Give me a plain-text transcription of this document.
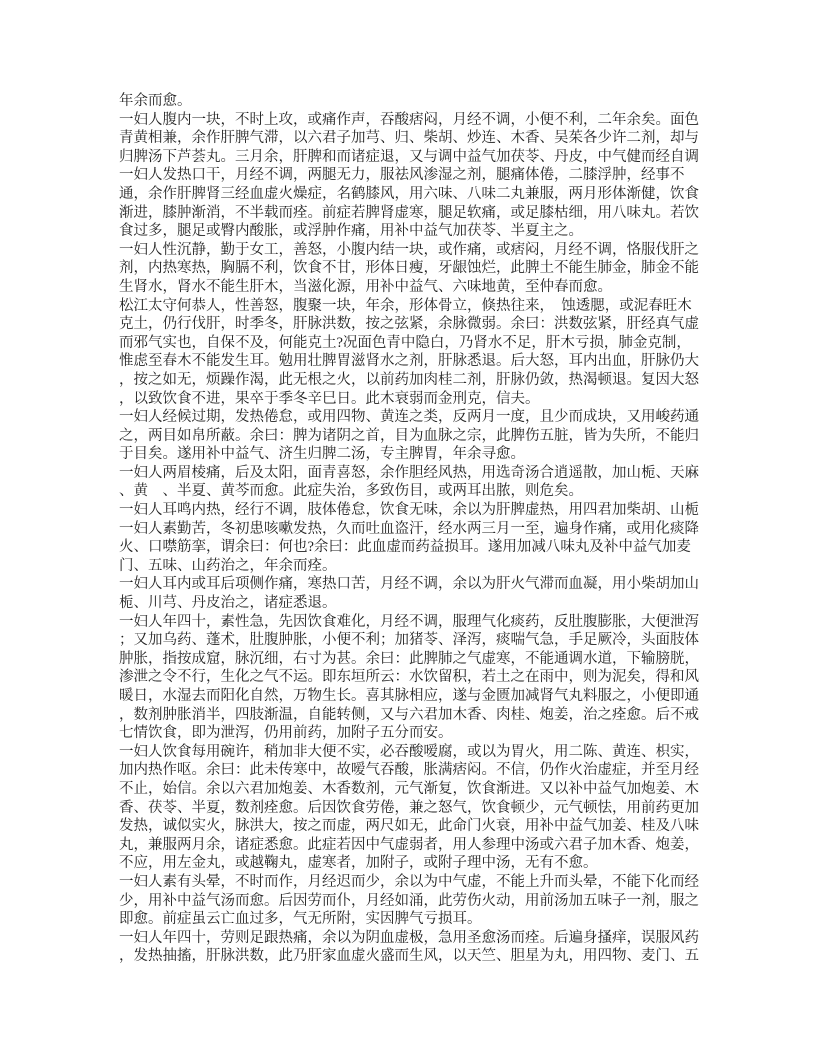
年余而愈。
一妇人腹内一块，不时上攻，或痛作声，吞酸痞闷，月经不调，小便不利，二年余矣。面色
青黄相兼，余作肝脾气滞，以六君子加芎、归、柴胡、炒连、木香、吴茱各少许二剂，却与
归脾汤下芦荟丸。三月余，肝脾和而诸症退，又与调中益气加茯苓、丹皮，中气健而经自调
一妇人发热口干，月经不调，两腿无力，服祛风渗湿之剂，腿痛体倦，二膝浮肿，经事不
通，余作肝脾肾三经血虚火燥症，名鹤膝风，用六味、八味二丸兼服，两月形体渐健，饮食
渐进，膝肿渐消，不半载而痊。前症若脾肾虚寒，腿足软痛，或足膝枯细，用八味丸。若饮
食过多，腿足或臀内酸胀，或浮肿作痛，用补中益气加茯苓、半夏主之。
一妇人性沉静，勤于女工，善怒，小腹内结一块，或作痛，或痞闷，月经不调，恪服伐肝之
剂，内热寒热，胸膈不利，饮食不甘，形体日瘦，牙龈蚀烂，此脾土不能生肺金，肺金不能
生肾水，肾水不能生肝木，当滋化源，用补中益气、六味地黄，至仲春而愈。
松江太守何恭人，性善怒，腹聚一块，年余，形体骨立，倏热往来，　蚀透腮，或泥春旺木
克土，仍行伐肝，时季冬，肝脉洪数，按之弦紧，余脉微弱。余曰：洪数弦紧，肝经真气虚
而邪气实也，自保不及，何能克土?况面色青中隐白，乃肾水不足，肝木亏损，肺金克制，
惟虑至春木不能发生耳。勉用壮脾胃滋肾水之剂，肝脉悉退。后大怒，耳内出血，肝脉仍大
，按之如无，烦躁作渴，此无根之火，以前药加肉桂二剂，肝脉仍敛，热渴顿退。复因大怒
，以致饮食不进，果卒于季冬辛巳日。此木衰弱而金刑克，信夫。
一妇人经候过期，发热倦怠，或用四物、黄连之类，反两月一度，且少而成块，又用峻药通
之，两目如帛所蔽。余曰：脾为诸阴之首，目为血脉之宗，此脾伤五脏，皆为失所，不能归
于目矣。遂用补中益气、济生归脾二汤，专主脾胃，年余寻愈。
一妇人两眉棱痛，后及太阳，面青喜怒，余作胆经风热，用选奇汤合逍遥散，加山栀、天麻
、黄　、半夏、黄芩而愈。此症失治，多致伤目，或两耳出脓，则危矣。
一妇人耳鸣内热，经行不调，肢体倦怠，饮食无味，余以为肝脾虚热，用四君加柴胡、山栀
一妇人素勤苦，冬初患咳嗽发热，久而吐血盗汗，经水两三月一至，遍身作痛，或用化痰降
火、口噤筋挛，谓余曰：何也?余曰：此血虚而药益损耳。遂用加减八味丸及补中益气加麦
门、五味、山药治之，年余而痊。
一妇人耳内或耳后项侧作痛，寒热口苦，月经不调，余以为肝火气滞而血凝，用小柴胡加山
栀、川芎、丹皮治之，诸症悉退。
一妇人年四十，素性急，先因饮食难化，月经不调，服理气化痰药，反肚腹膨胀，大便泄泻
；又加乌药、蓬术，肚腹肿胀，小便不利；加猪苓、泽泻，痰喘气急，手足厥冷，头面肢体
肿胀，指按成窟，脉沉细，右寸为甚。余曰：此脾肺之气虚寒，不能通调水道，下输膀胱，
渗泄之令不行，生化之气不运。即东垣所云：水饮留积，若土之在雨中，则为泥矣，得和风
暖日，水湿去而阳化自然，万物生长。喜其脉相应，遂与金匮加减肾气丸料服之，小便即通
，数剂肿胀消半，四肢渐温，自能转侧，又与六君加木香、肉桂、炮姜，治之痊愈。后不戒
七情饮食，即为泄泻，仍用前药，加附子五分而安。
一妇人饮食每用碗许，稍加非大便不实，必吞酸嗳腐，或以为胃火，用二陈、黄连、枳实，
加内热作呕。余曰：此未传寒中，故嗳气吞酸，胀满痞闷。不信，仍作火治虚症，并至月经
不止，始信。余以六君加炮姜、木香数剂，元气渐复，饮食渐进。又以补中益气加炮姜、木
香、茯苓、半夏，数剂痊愈。后因饮食劳倦，兼之怒气，饮食顿少，元气顿怯，用前药更加
发热，诚似实火，脉洪大，按之而虚，两尺如无，此命门火衰，用补中益气加姜、桂及八味
丸，兼服两月余，诸症悉愈。此症若因中气虚弱者，用人参理中汤或六君子加木香、炮姜，
不应，用左金丸，或越鞠丸，虚寒者，加附子，或附子理中汤，无有不愈。
一妇人素有头晕，不时而作，月经迟而少，余以为中气虚，不能上升而头晕，不能下化而经
少，用补中益气汤而愈。后因劳而仆，月经如涌，此劳伤火动，用前汤加五味子一剂，服之
即愈。前症虽云亡血过多，气无所附，实因脾气亏损耳。
一妇人年四十，劳则足跟热痛，余以为阴血虚极，急用圣愈汤而痊。后遍身搔痒，误服风药
，发热抽搐，肝脉洪数，此乃肝家血虚火盛而生风，以天竺、胆星为丸，用四物、麦门、五
